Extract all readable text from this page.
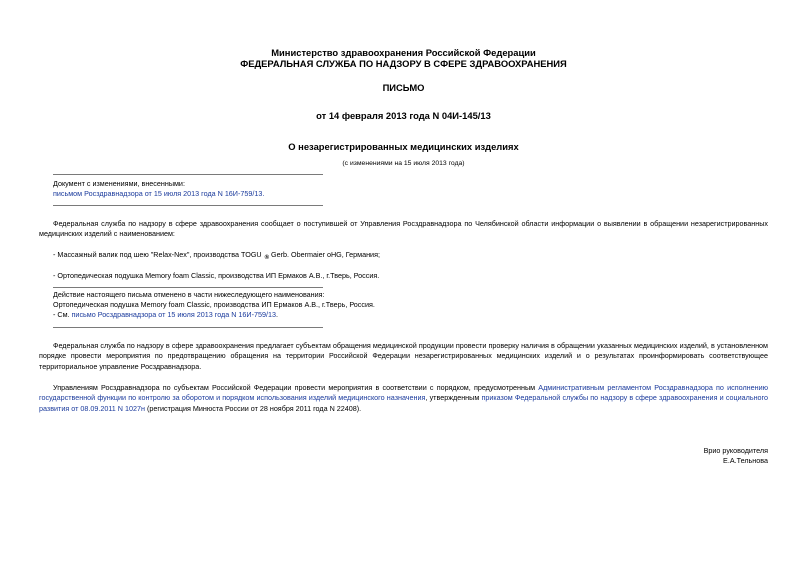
Министерство здравоохранения Российской Федерации
ФЕДЕРАЛЬНАЯ СЛУЖБА ПО НАДЗОРУ В СФЕРЕ ЗДРАВООХРАНЕНИЯ
ПИСЬМО
от 14 февраля 2013 года N 04И-145/13
О незарегистрированных медицинских изделиях
(с изменениями на 15 июля 2013 года)
Документ с изменениями, внесенными:
письмом Росздравнадзора от 15 июля 2013 года N 16И-759/13.
Федеральная служба по надзору в сфере здравоохранения сообщает о поступившей от Управления Росздравнадзора по Челябинской области информации о выявлении в обращении незарегистрированных медицинских изделий с наименованием:
- Массажный валик под шею "Relax-Nex", производства TOGU $_®$ Gerb. Obermaier oHG, Германия;
- Ортопедическая подушка Memory foam Classic, производства ИП Ермаков А.В., г.Тверь, Россия.
Действие настоящего письма отменено в части нижеследующего наименования:
Ортопедическая подушка Memory foam Classic, производства ИП Ермаков А.В., г.Тверь, Россия.
- См. письмо Росздравнадзора от 15 июля 2013 года N 16И-759/13.
Федеральная служба по надзору в сфере здравоохранения предлагает субъектам обращения медицинской продукции провести проверку наличия в обращении указанных медицинских изделий, в установленном порядке провести мероприятия по предотвращению обращения на территории Российской Федерации незарегистрированных медицинских изделий и о результатах проинформировать соответствующее территориальное управление Росздравнадзора.
Управлениям Росздравнадзора по субъектам Российской Федерации провести мероприятия в соответствии с порядком, предусмотренным Административным регламентом Росздравнадзора по исполнению государственной функции по контролю за оборотом и порядком использования изделий медицинского назначения, утвержденным приказом Федеральной службы по надзору в сфере здравоохранения и социального развития от 08.09.2011 N 1027н (регистрация Минюста России от 28 ноября 2011 года N 22408).
Врио руководителя
Е.А.Тельнова
